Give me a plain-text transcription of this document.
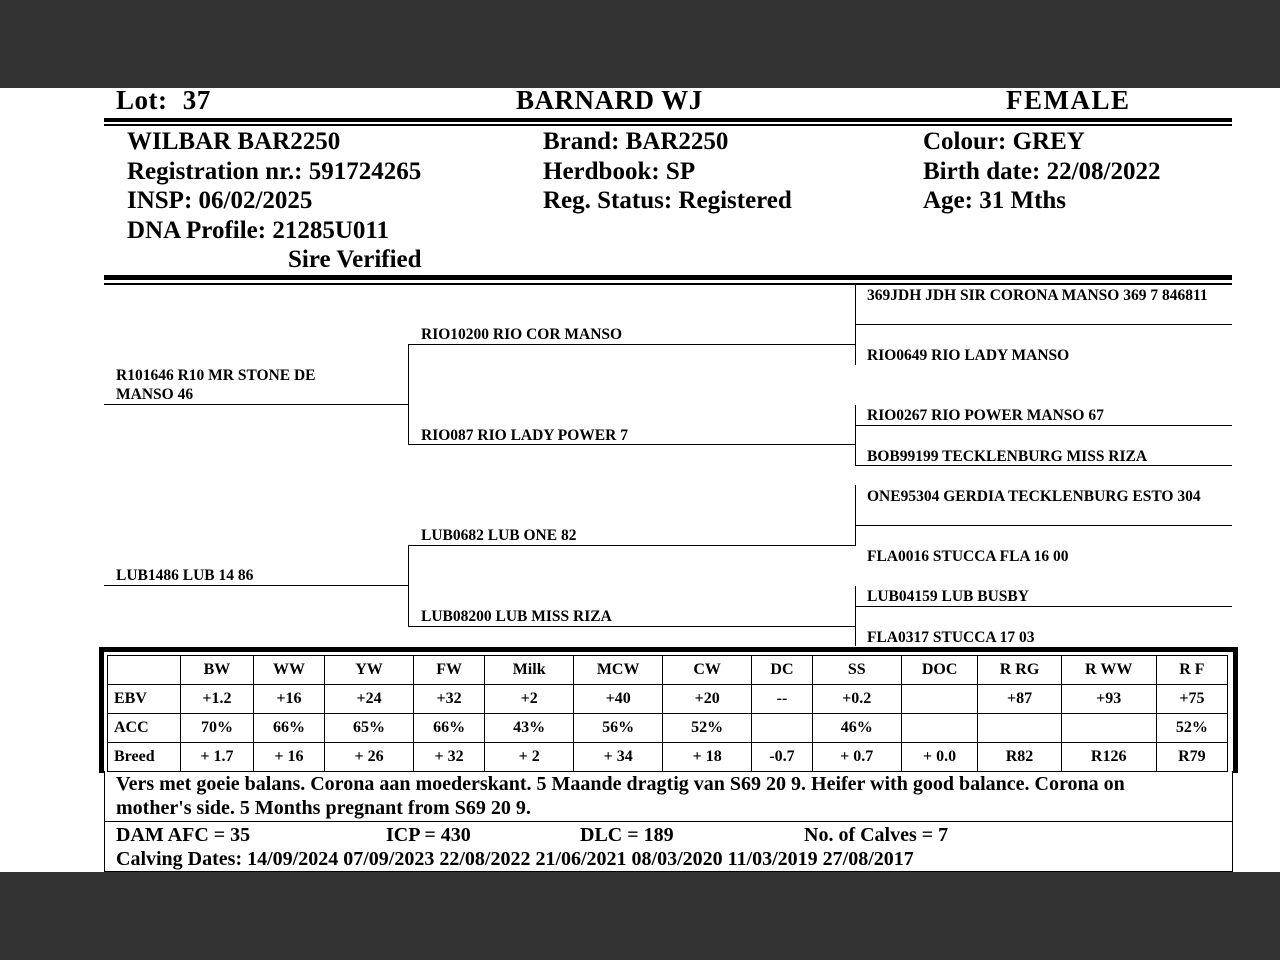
Lot: 37	BARNARD WJ	FEMALE
WILBAR BAR2250
Registration nr.: 591724265
INSP: 06/02/2025
DNA Profile: 21285U011
Sire Verified
Brand: BAR2250
Herdbook: SP
Reg. Status: Registered
Colour: GREY
Birth date: 22/08/2022
Age: 31 Mths
R101646 R10 MR STONE DE MANSO 46
LUB1486 LUB 14 86
RIO10200 RIO COR MANSO
RIO087 RIO LADY POWER 7
LUB0682 LUB ONE 82
LUB08200 LUB MISS RIZA
369JDH JDH SIR CORONA MANSO 369 7 846811
RIO0649 RIO LADY MANSO
RIO0267 RIO POWER MANSO 67
BOB99199 TECKLENBURG MISS RIZA
ONE95304 GERDIA TECKLENBURG ESTO 304
FLA0016 STUCCA FLA 16 00
LUB04159 LUB BUSBY
FLA0317 STUCCA 17 03
	BW	WW	YW	FW	Milk	MCW	CW	DC	SS	DOC	R RG	R WW	R F
EBV	+1.2	+16	+24	+32	+2	+40	+20	--	+0.2		+87	+93	+75
ACC	70%	66%	65%	66%	43%	56%	52%		46%				52%
Breed	+ 1.7	+ 16	+ 26	+ 32	+ 2	+ 34	+ 18	-0.7	+ 0.7	+ 0.0	R82	R126	R79
Vers met goeie balans. Corona aan moederskant. 5 Maande dragtig van S69 20 9. Heifer with good balance. Corona on
mother's side. 5 Months pregnant from S69 20 9.
DAM AFC = 35	ICP = 430	DLC = 189	No. of Calves = 7
Calving Dates: 14/09/2024 07/09/2023 22/08/2022 21/06/2021 08/03/2020 11/03/2019 27/08/2017
